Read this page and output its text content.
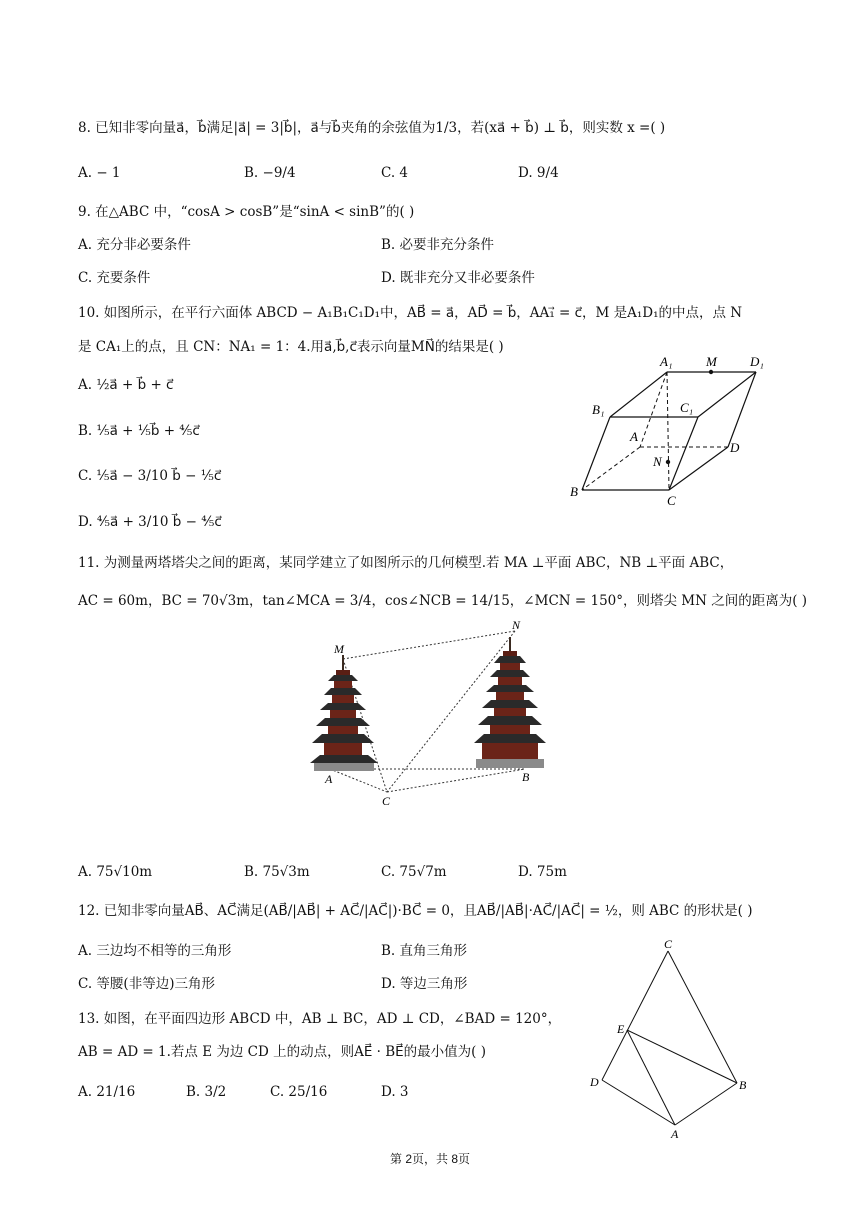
8. 已知非零向量a⃗，b⃗满足|a⃗| = 3|b⃗|，a⃗与b⃗夹角的余弦值为1/3，若(xa⃗ + b⃗) ⊥ b⃗，则实数 x =( )
A. − 1	B. −9/4	C. 4	D. 9/4
9. 在△ABC 中，“cosA > cosB”是“sinA < sinB”的( )
A. 充分非必要条件	B. 必要非充分条件
C. 充要条件	D. 既非充分又非必要条件
10. 如图所示，在平行六面体 ABCD − A₁B₁C₁D₁中，AB⃗ = a⃗，AD⃗ = b⃗，AA₁⃗ = c⃗，M 是A₁D₁的中点，点 N
是 CA₁上的点，且 CN：NA₁ = 1：4.用a⃗,b⃗,c⃗表示向量MN⃗的结果是( )
A. ½a⃗ + b⃗ + c⃗
B. ⅕a⃗ + ⅕b⃗ + ⅘c⃗
C. ⅕a⃗ − 3/10 b⃗ − ⅕c⃗
D. ⅘a⃗ + 3/10 b⃗ − ⅘c⃗
A₁	M	D₁
B₁	C₁
A
D
N
B
C
11. 为测量两塔塔尖之间的距离，某同学建立了如图所示的几何模型.若 MA ⊥平面 ABC，NB ⊥平面 ABC，
AC = 60m，BC = 70√3m，tan∠MCA = 3/4，cos∠NCB = 14/15，∠MCN = 150°，则塔尖 MN 之间的距离为( )
M
N
A	B
C
A. 75√10m	B. 75√3m	C. 75√7m	D. 75m
12. 已知非零向量AB⃗、AC⃗满足(AB⃗/|AB⃗| + AC⃗/|AC⃗|)·BC⃗ = 0，且AB⃗/|AB⃗|·AC⃗/|AC⃗| = ½，则 ABC 的形状是( )
A. 三边均不相等的三角形	B. 直角三角形
C. 等腰(非等边)三角形	D. 等边三角形
13. 如图，在平面四边形 ABCD 中，AB ⊥ BC，AD ⊥ CD，∠BAD = 120°，
AB = AD = 1.若点 E 为边 CD 上的动点，则AE⃗ · BE⃗的最小值为( )
A. 21/16	B. 3/2	C. 25/16	D. 3
C
E
D	B
A
第 2页，共 8页
